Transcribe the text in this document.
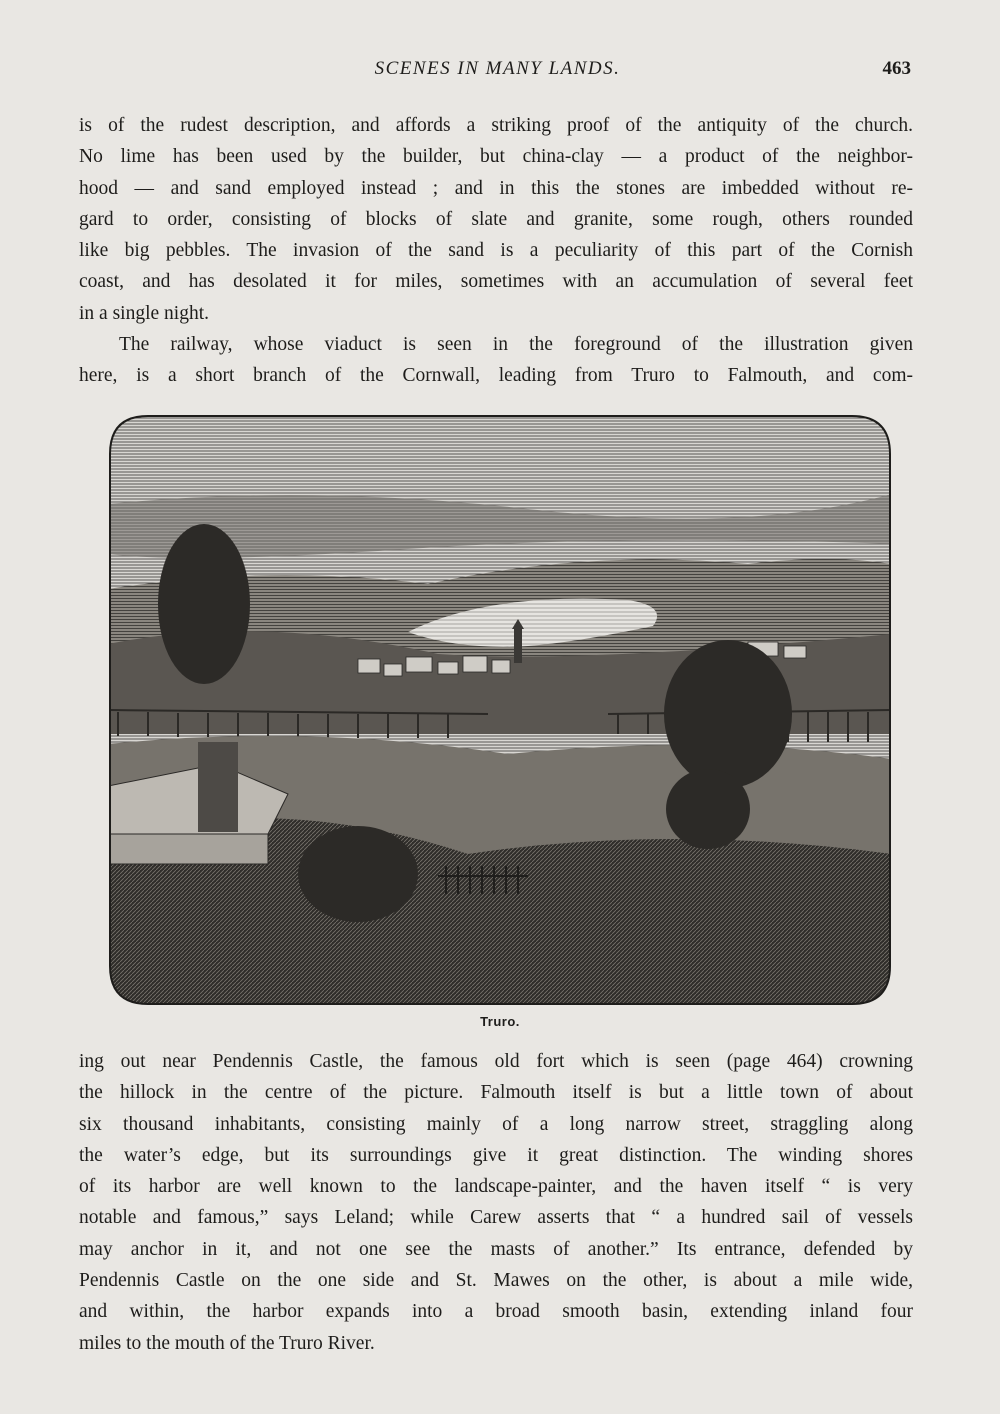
SCENES IN MANY LANDS.	463
is of the rudest description, and affords a striking proof of the antiquity of the church.
No lime has been used by the builder, but china-clay — a product of the neighbor-
hood — and sand employed instead ; and in this the stones are imbedded without re-
gard to order, consisting of blocks of slate and granite, some rough, others rounded
like big pebbles. The invasion of the sand is a peculiarity of this part of the Cornish
coast, and has desolated it for miles, sometimes with an accumulation of several feet
in a single night.
The railway, whose viaduct is seen in the foreground of the illustration given
here, is a short branch of the Cornwall, leading from Truro to Falmouth, and com-
Truro.
ing out near Pendennis Castle, the famous old fort which is seen (page 464) crowning
the hillock in the centre of the picture. Falmouth itself is but a little town of about
six thousand inhabitants, consisting mainly of a long narrow street, straggling along
the water’s edge, but its surroundings give it great distinction. The winding shores
of its harbor are well known to the landscape-painter, and the haven itself “ is very
notable and famous,” says Leland; while Carew asserts that “ a hundred sail of vessels
may anchor in it, and not one see the masts of another.” Its entrance, defended by
Pendennis Castle on the one side and St. Mawes on the other, is about a mile wide,
and within, the harbor expands into a broad smooth basin, extending inland four
miles to the mouth of the Truro River.
